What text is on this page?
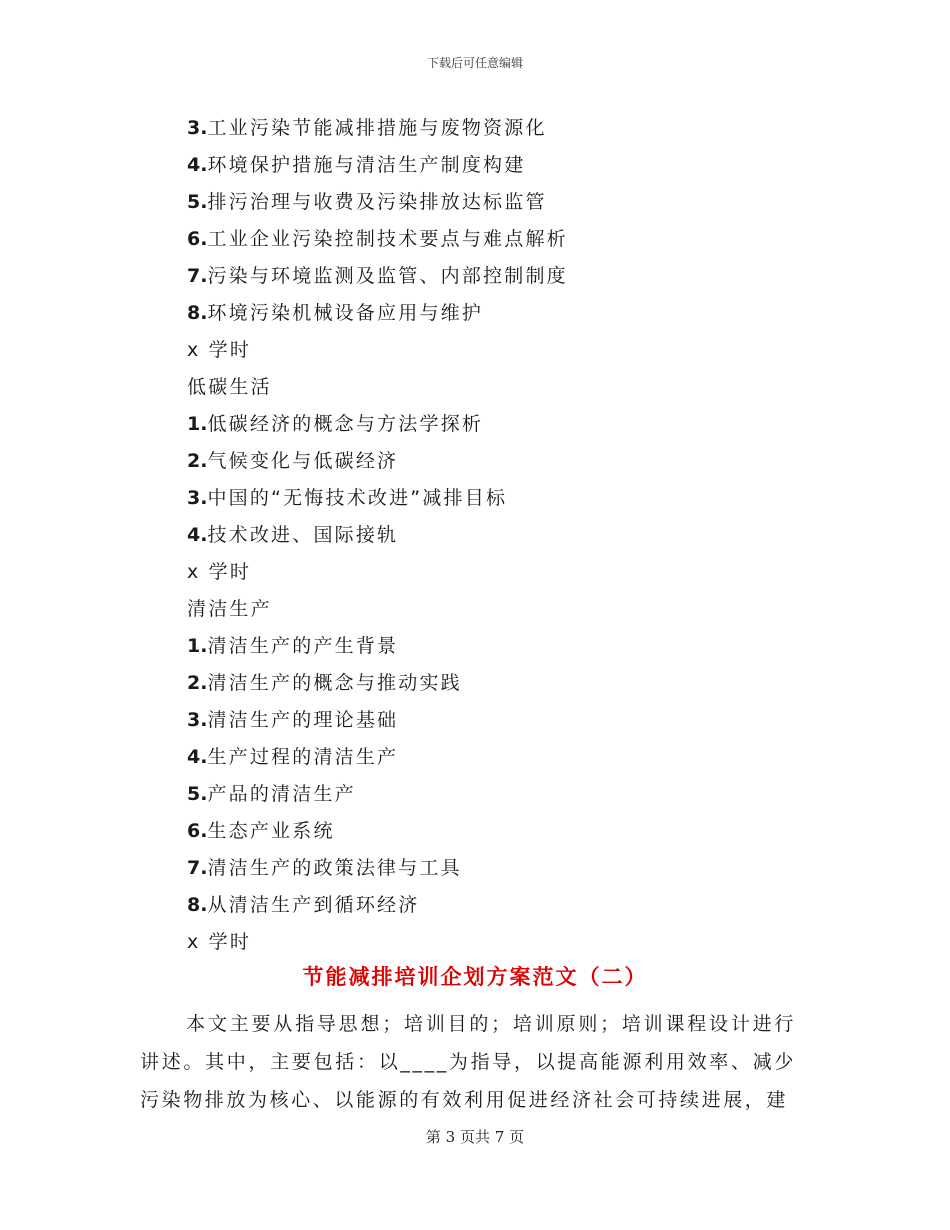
下载后可任意编辑
3.工业污染节能减排措施与废物资源化
4.环境保护措施与清洁生产制度构建
5.排污治理与收费及污染排放达标监管
6.工业企业污染控制技术要点与难点解析
7.污染与环境监测及监管、内部控制制度
8.环境污染机械设备应用与维护
x 学时
低碳生活
1.低碳经济的概念与方法学探析
2.气候变化与低碳经济
3.中国的“无悔技术改进”减排目标
4.技术改进、国际接轨
x 学时
清洁生产
1.清洁生产的产生背景
2.清洁生产的概念与推动实践
3.清洁生产的理论基础
4.生产过程的清洁生产
5.产品的清洁生产
6.生态产业系统
7.清洁生产的政策法律与工具
8.从清洁生产到循环经济
x 学时
节能减排培训企划方案范文（二）
本文主要从指导思想；培训目的；培训原则；培训课程设计进行讲述。其中，主要包括：以____为指导，以提高能源利用效率、减少污染物排放为核心、以能源的有效利用促进经济社会可持续进展，建
第 3 页共 7 页
